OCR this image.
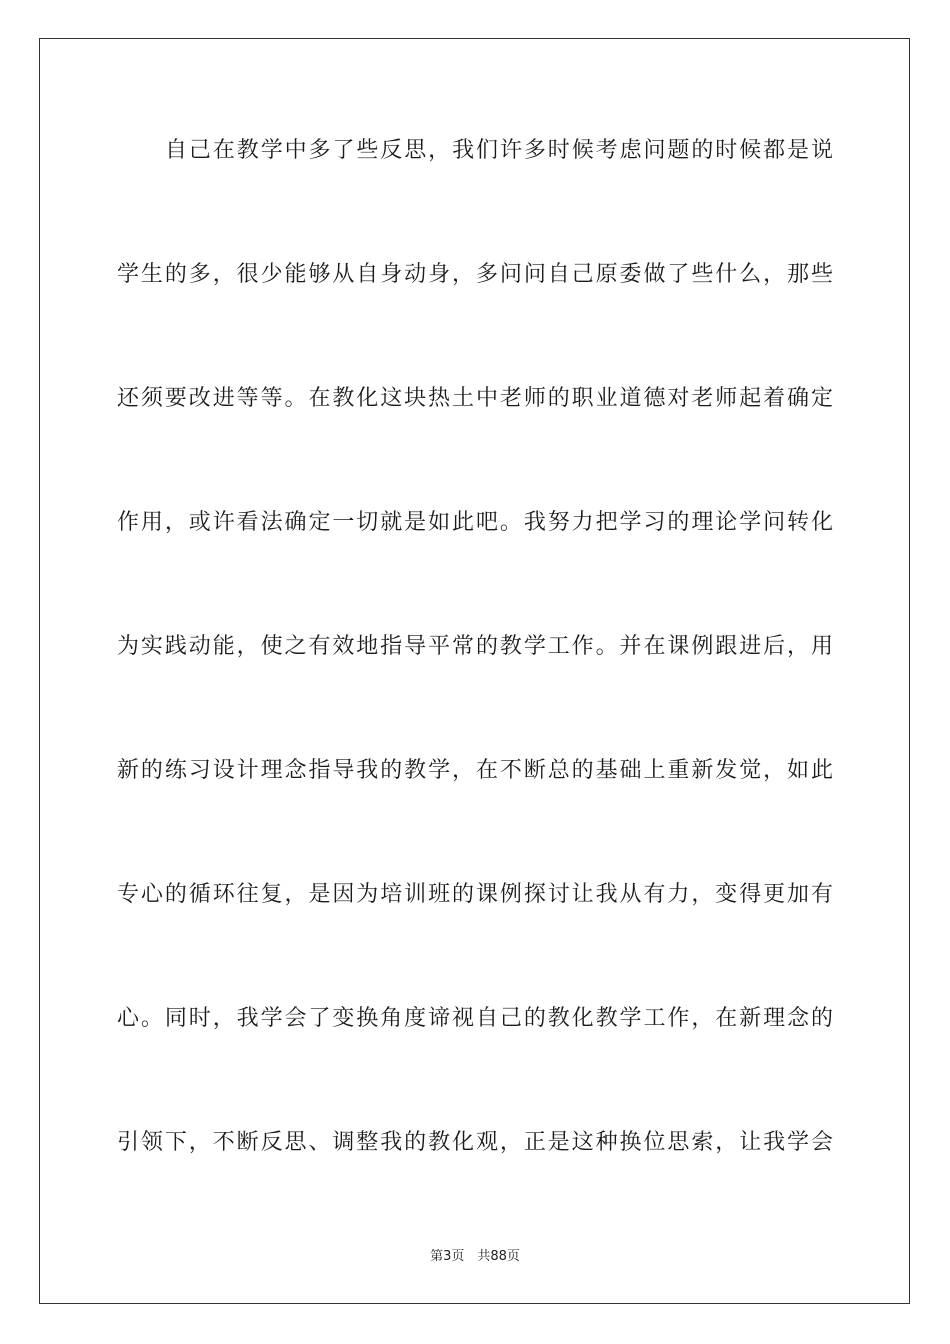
自己在教学中多了些反思，我们许多时候考虑问题的时候都是说
学生的多，很少能够从自身动身，多问问自己原委做了些什么，那些
还须要改进等等。在教化这块热土中老师的职业道德对老师起着确定
作用，或许看法确定一切就是如此吧。我努力把学习的理论学问转化
为实践动能，使之有效地指导平常的教学工作。并在课例跟进后，用
新的练习设计理念指导我的教学，在不断总的基础上重新发觉，如此
专心的循环往复，是因为培训班的课例探讨让我从有力，变得更加有
心。同时，我学会了变换角度谛视自己的教化教学工作，在新理念的
引领下，不断反思、调整我的教化观，正是这种换位思索，让我学会
第3页　共88页
